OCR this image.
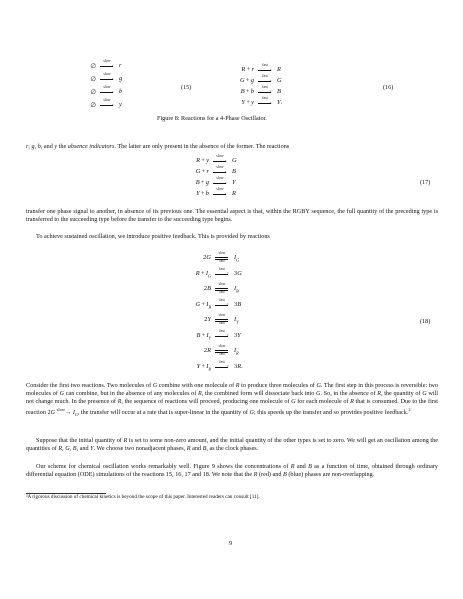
∅
slow
› r
∅
slow
› g
∅
slow
› b
∅
slow
› y
(15)
R + r
fast
› R
G + g
fast
› G
B + b
fast
› B
Y + y
fast
› Y.
(16)
Figure 8: Reactions for a 4-Phase Oscillator.
r, g, b, and y the absence indicators. The latter are only present in the absence of the former. The reactions
R + y
slow
› G
G + r
slow
› B
B + g
slow
› Y
Y + b
slow
› R
(17)
transfer one phase signal to another, in absence of its previous one. The essential aspect is that, within the RGBY sequence, the full quantity of the preceding type is transferred to the succeeding type before the transfer to the succeeding type begins.
To achieve sustained oscillation, we introduce positive feedback. This is provided by reactions
2G
slow
fast	$I_G$
$R + I_G$
fast
› 3G
2B
slow
fast	$I_B$
$G + I_B$
fast
› 3B
2Y
slow
fast	$I_Y$
$B + I_Y$
fast
› 3Y
2R
slow
fast	$I_R$
$Y + I_R$
fast
› 3R.
(18)
Consider the first two reactions. Two molecules of G combine with one molecule of R to produce three molecules of G. The first step in this process is reversible: two molecules of G can combine, but in the absence of any molecules of R, the combined form will dissociate back into G. So, in the absence of R, the quantity of G will not change much. In the presence of R, the sequence of reactions will proceed, producing one molecule of G for each molecule of R that is consumed. Due to the first reaction 2G $^{slow}\to I_G$, the transfer will occur at a rate that is super-linear in the quantity of G; this speeds up the transfer and so provides positive feedback.$^2$
Suppose that the initial quantity of R is set to some non-zero amount, and the initial quantity of the other types is set to zero. We will get an oscillation among the quantities of R, G, B, and Y. We choose two nonadjacent phases, R and B, as the clock phases.
Our scheme for chemical oscillation works remarkably well. Figure 9 shows the concentrations of R and B as a function of time, obtained through ordinary differential equation (ODE) simulations of the reactions 15, 16, 17 and 18. We note that the R (red) and B (blue) phases are non-overlapping.
²A rigorous discussion of chemical kinetics is beyond the scope of this paper. Interested readers can consult [11].
9
